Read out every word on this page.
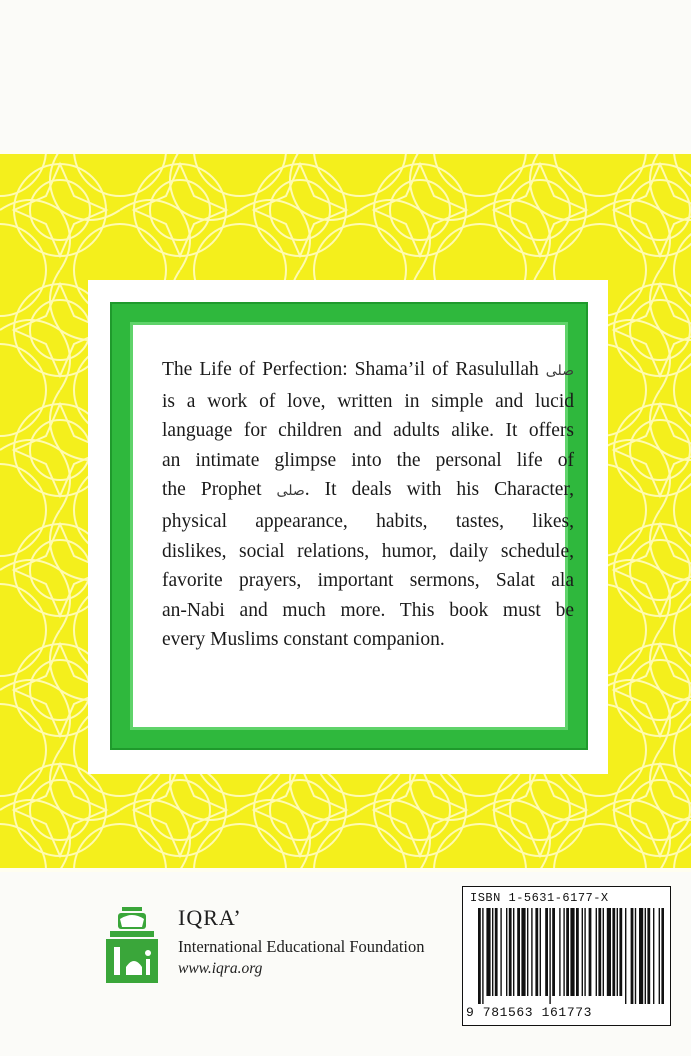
The Life of Perfection: Shama’il of Rasulullah صلى
is a work of love, written in simple and lucid
language for children and adults alike. It offers
an intimate glimpse into the personal life of
the Prophet صلى. It deals with his Character,
physical appearance, habits, tastes, likes,
dislikes, social relations, humor, daily schedule,
favorite prayers, important sermons, Salat ala
an-Nabi and much more. This book must be
every Muslims constant companion.
IQRA’
International Educational Foundation
www.iqra.org
ISBN 1-5631-6177-X
9 781563 161773
